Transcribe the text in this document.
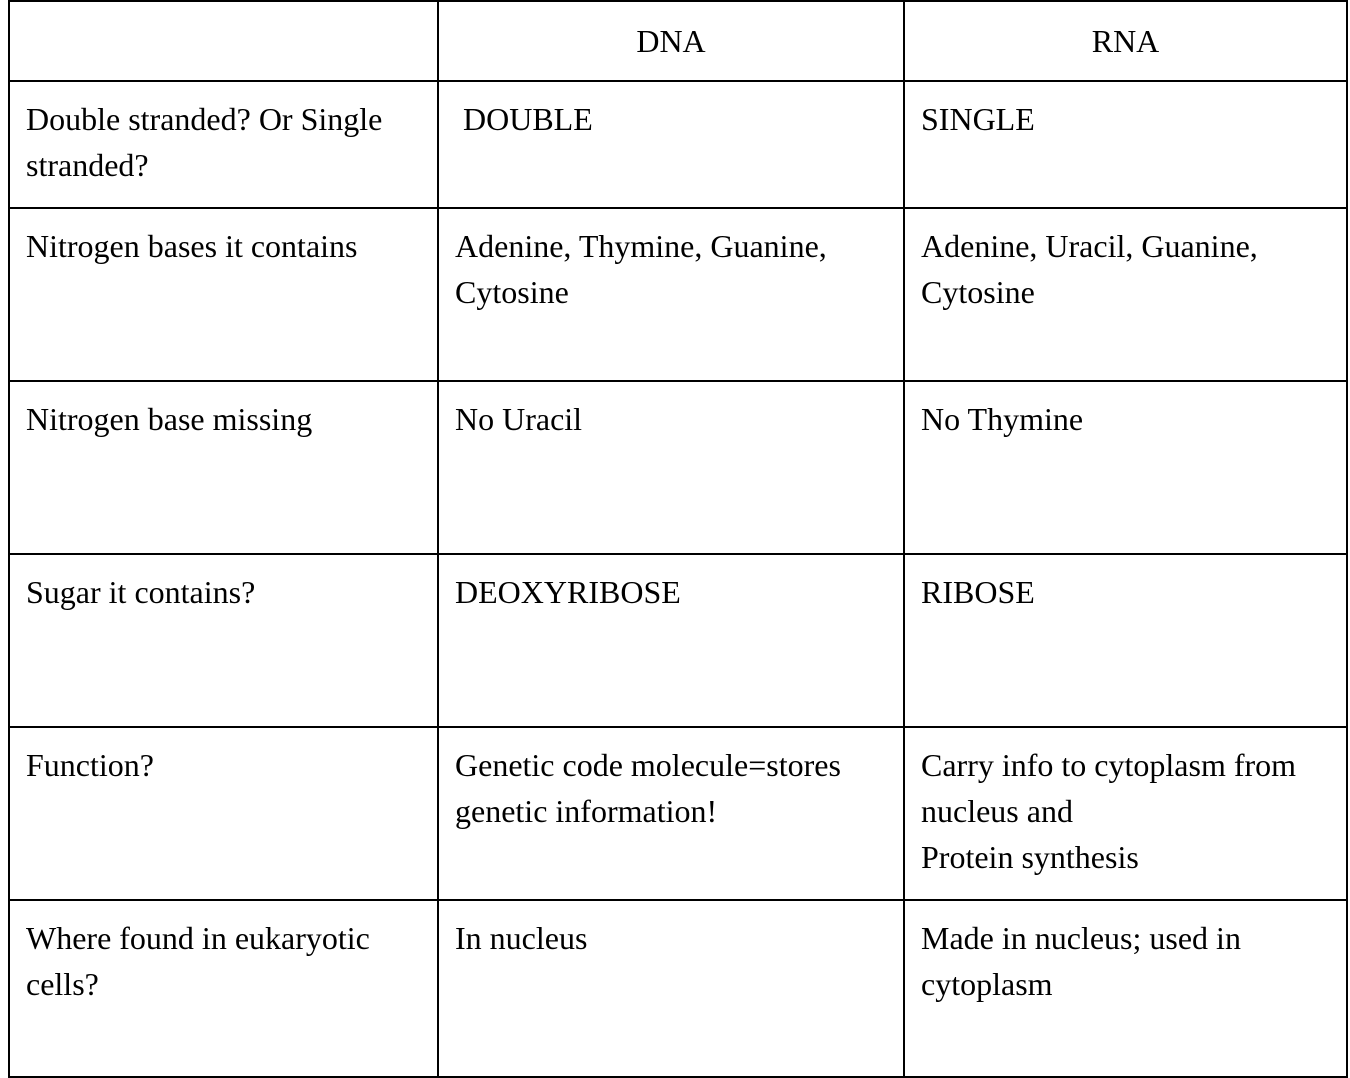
	DNA	RNA

Double stranded? Or Single stranded?	DOUBLE	SINGLE

Nitrogen bases it contains	Adenine, Thymine, Guanine, Cytosine	Adenine, Uracil, Guanine, Cytosine

Nitrogen base missing	No Uracil	No Thymine

Sugar it contains?	DEOXYRIBOSE	RIBOSE

Function?	Genetic code molecule=stores genetic information!	Carry info to cytoplasm from nucleus and
Protein synthesis

Where found in eukaryotic cells?	In nucleus	Made in nucleus; used in cytoplasm
